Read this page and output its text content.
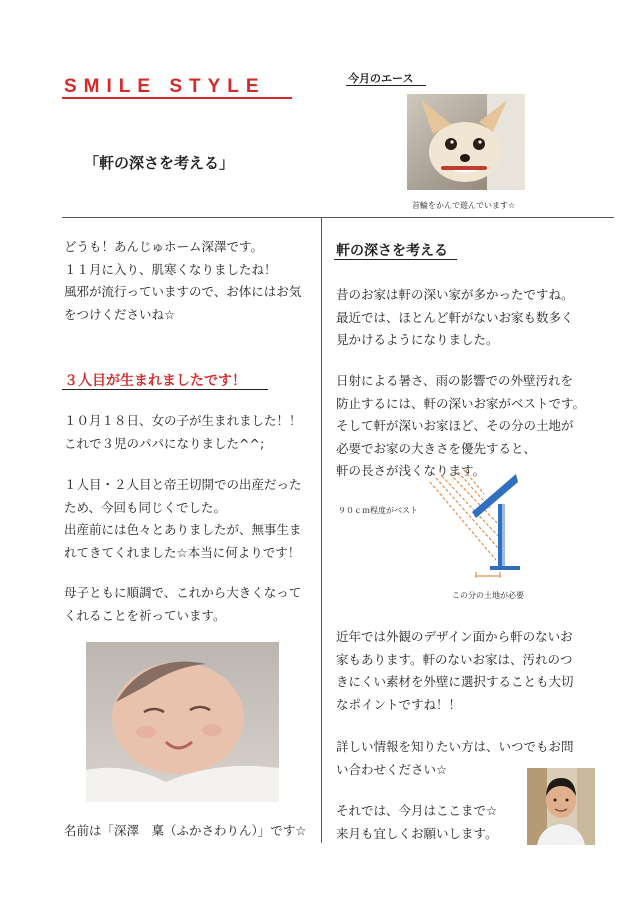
SMILE STYLE
「軒の深さを考える」
今月のエース
首輪をかんで遊んでいます☆

どうも！あんじゅホーム深澤です。

１１月に入り、肌寒くなりましたね！

風邪が流行っていますので、お体にはお気

をつけくださいね☆

３人目が生まれましたです！

１０月１８日、女の子が生まれました！！

これで３児のパパになりました^^;

１人目・２人目と帝王切開での出産だった

ため、今回も同じくでした。

出産前には色々とありましたが、無事生ま

れてきてくれました☆本当に何よりです！

母子ともに順調で、これから大きくなって

くれることを祈っています。

名前は「深澤　稟（ふかさわりん）」です☆
軒の深さを考える

昔のお家は軒の深い家が多かったですね。

最近では、ほとんど軒がないお家も数多く

見かけるようになりました。

日射による暑さ、雨の影響での外壁汚れを

防止するには、軒の深いお家がベストです。

そして軒が深いお家ほど、その分の土地が

必要でお家の大きさを優先すると、

軒の長さが浅くなります。

９０ｃｍ程度がベスト
この分の土地が必要

近年では外観のデザイン面から軒のないお

家もあります。軒のないお家は、汚れのつ

きにくい素材を外壁に選択することも大切

なポイントですね！！

詳しい情報を知りたい方は、いつでもお問

い合わせください☆

それでは、今月はここまで☆

来月も宜しくお願いします。
